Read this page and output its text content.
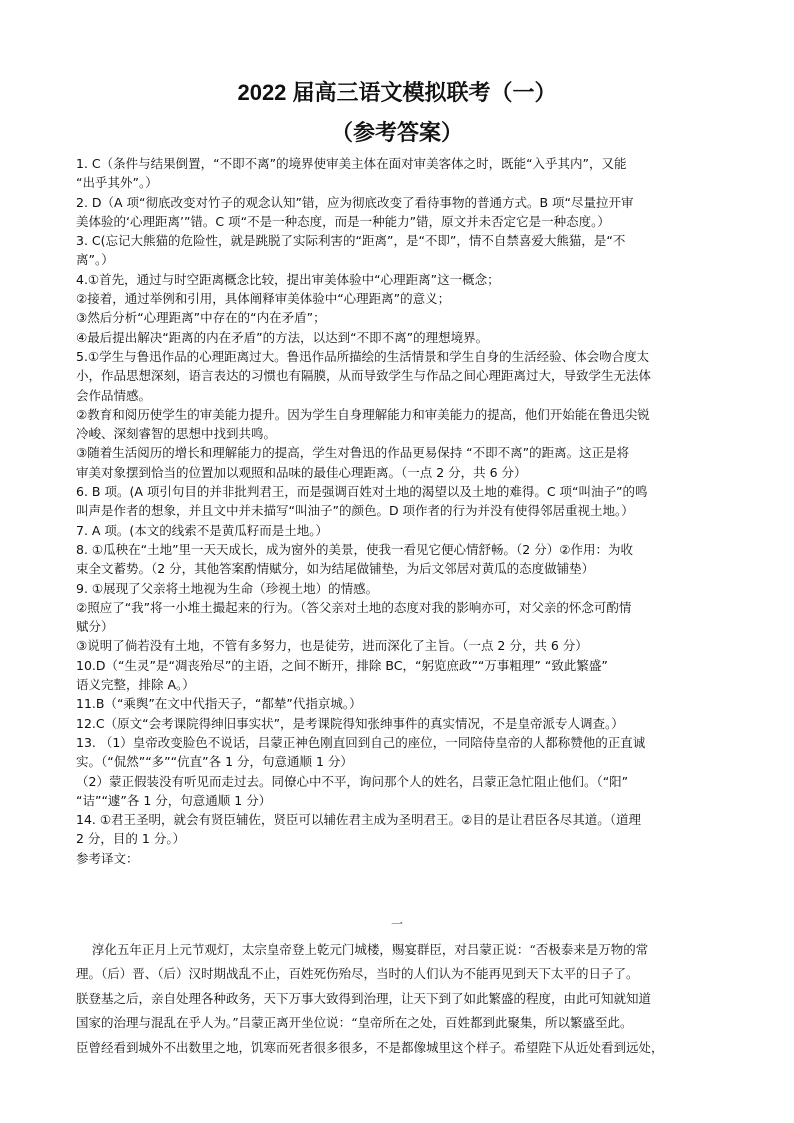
2022 届高三语文模拟联考（一）
（参考答案）
1. C（条件与结果倒置，“不即不离”的境界使审美主体在面对审美客体之时，既能“入乎其内”，又能
“出乎其外”。）
2. D（A 项“彻底改变对竹子的观念认知”错，应为彻底改变了看待事物的普通方式。B 项“尽量拉开审
美体验的‘心理距离’”错。C 项“不是一种态度，而是一种能力”错，原文并未否定它是一种态度。）
3. C(忘记大熊猫的危险性，就是跳脱了实际利害的“距离”，是“不即”，情不自禁喜爱大熊猫，是“不
离”。）
4.①首先，通过与时空距离概念比较，提出审美体验中“心理距离”这一概念；
②接着，通过举例和引用，具体阐释审美体验中“心理距离”的意义；
③然后分析“心理距离”中存在的“内在矛盾”；
④最后提出解决“距离的内在矛盾”的方法，以达到“不即不离”的理想境界。
5.①学生与鲁迅作品的心理距离过大。鲁迅作品所描绘的生活情景和学生自身的生活经验、体会吻合度太
小，作品思想深刻，语言表达的习惯也有隔膜，从而导致学生与作品之间心理距离过大，导致学生无法体
会作品情感。
②教育和阅历使学生的审美能力提升。因为学生自身理解能力和审美能力的提高，他们开始能在鲁迅尖锐
冷峻、深刻睿智的思想中找到共鸣。
③随着生活阅历的增长和理解能力的提高，学生对鲁迅的作品更易保持 “不即不离”的距离。这正是将
审美对象摆到恰当的位置加以观照和品味的最佳心理距离。（一点 2 分，共 6 分）
6. B 项。(A 项引句目的并非批判君王，而是强调百姓对土地的渴望以及土地的难得。C 项“叫油子”的鸣
叫声是作者的想象，并且文中并未描写“叫油子”的颜色。D 项作者的行为并没有使得邻居重视土地。）
7. A 项。(本文的线索不是黄瓜籽而是土地。）
8. ①瓜秧在“土地”里一天天成长，成为窗外的美景，使我一看见它便心情舒畅。（2 分）②作用：为收
束全文蓄势。（2 分，其他答案酌情赋分，如为结尾做铺垫，为后文邻居对黄瓜的态度做铺垫）
9. ①展现了父亲将土地视为生命（珍视土地）的情感。
②照应了“我”将一小堆土撮起来的行为。（答父亲对土地的态度对我的影响亦可，对父亲的怀念可酌情
赋分）
③说明了倘若没有土地，不管有多努力，也是徒劳，进而深化了主旨。（一点 2 分，共 6 分）
10.D（“生灵”是“凋丧殆尽”的主语，之间不断开，排除 BC，“躬览庶政”“万事粗理” “致此繁盛”
语义完整，排除 A。）
11.B（“乘舆”在文中代指天子，“都辇”代指京城。）
12.C（原文“会考课院得绅旧事实状”，是考课院得知张绅事件的真实情况，不是皇帝派专人调查。）
13. （1）皇帝改变脸色不说话，吕蒙正神色刚直回到自己的座位，一同陪侍皇帝的人都称赞他的正直诚
实。（“侃然”“多”“伉直”各 1 分，句意通顺 1 分）
（2）蒙正假装没有听见而走过去。同僚心中不平，询问那个人的姓名，吕蒙正急忙阻止他们。（“阳”
“诘”“遽”各 1 分，句意通顺 1 分）
14. ①君王圣明，就会有贤臣辅佐，贤臣可以辅佐君主成为圣明君王。②目的是让君臣各尽其道。（道理
2 分，目的 1 分。）
参考译文：
一
淳化五年正月上元节观灯，太宗皇帝登上乾元门城楼，赐宴群臣，对吕蒙正说：“否极泰来是万物的常
理。（后）晋、（后）汉时期战乱不止，百姓死伤殆尽，当时的人们认为不能再见到天下太平的日子了。
朕登基之后，亲自处理各种政务，天下万事大致得到治理，让天下到了如此繁盛的程度，由此可知就知道
国家的治理与混乱在乎人为。”吕蒙正离开坐位说：“皇帝所在之处，百姓都到此聚集，所以繁盛至此。
臣曾经看到城外不出数里之地，饥寒而死者很多很多，不是都像城里这个样子。希望陛下从近处看到远处，
